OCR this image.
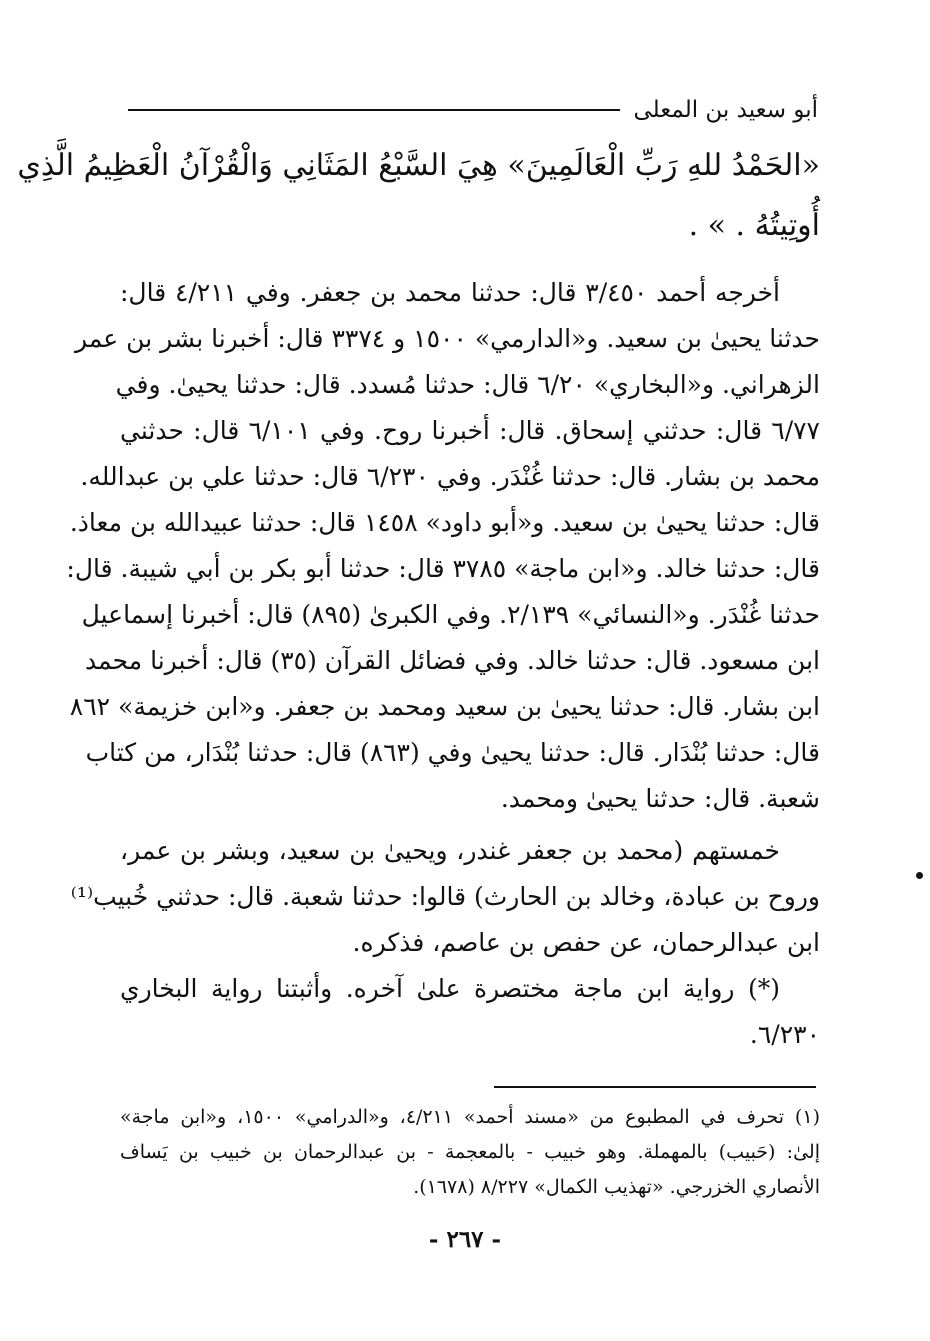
أبو سعيد بن المعلى

«الحَمْدُ للهِ رَبِّ الْعَالَمِينَ» هِيَ السَّبْعُ المَثَانِي وَالْقُرْآنُ الْعَظِيمُ الَّذِي

أُوتِيتُهُ . » .

أخرجه أحمد ٣/٤٥٠ قال: حدثنا محمد بن جعفر. وفي ٤/٢١١ قال:

حدثنا يحيىٰ بن سعيد. و«الدارمي» ١٥٠٠ و ٣٣٧٤ قال: أخبرنا بشر بن عمر

الزهراني. و«البخاري» ٦/٢٠ قال: حدثنا مُسدد. قال: حدثنا يحيىٰ. وفي

٦/٧٧ قال: حدثني إسحاق. قال: أخبرنا روح. وفي ٦/١٠١ قال: حدثني

محمد بن بشار. قال: حدثنا غُنْدَر. وفي ٦/٢٣٠ قال: حدثنا علي بن عبدالله.

قال: حدثنا يحيىٰ بن سعيد. و«أبو داود» ١٤٥٨ قال: حدثنا عبيدالله بن معاذ.

قال: حدثنا خالد. و«ابن ماجة» ٣٧٨٥ قال: حدثنا أبو بكر بن أبي شيبة. قال:

حدثنا غُنْدَر. و«النسائي» ٢/١٣٩. وفي الكبرىٰ (٨٩٥) قال: أخبرنا إسماعيل

ابن مسعود. قال: حدثنا خالد. وفي فضائل القرآن (٣٥) قال: أخبرنا محمد

ابن بشار. قال: حدثنا يحيىٰ بن سعيد ومحمد بن جعفر. و«ابن خزيمة» ٨٦٢

قال: حدثنا بُنْدَار. قال: حدثنا يحيىٰ وفي (٨٦٣) قال: حدثنا بُنْدَار، من كتاب

شعبة. قال: حدثنا يحيىٰ ومحمد.

خمستهم (محمد بن جعفر غندر، ويحيىٰ بن سعيد، وبشر بن عمر،

وروح بن عبادة، وخالد بن الحارث) قالوا: حدثنا شعبة. قال: حدثني خُبيب⁽¹⁾

ابن عبدالرحمان، عن حفص بن عاصم، فذكره.

(*) رواية ابن ماجة مختصرة علىٰ آخره. وأثبتنا رواية البخاري

٦/٢٣٠.

(١) تحرف في المطبوع من «مسند أحمد» ٤/٢١١، و«الدرامي» ١٥٠٠، و«ابن ماجة»

إلىٰ: (حَبيب) بالمهملة. وهو خبيب - بالمعجمة - بن عبدالرحمان بن خبيب بن يَساف

الأنصاري الخزرجي. «تهذيب الكمال» ٨/٢٢٧ (١٦٧٨).

- ٢٦٧ -
